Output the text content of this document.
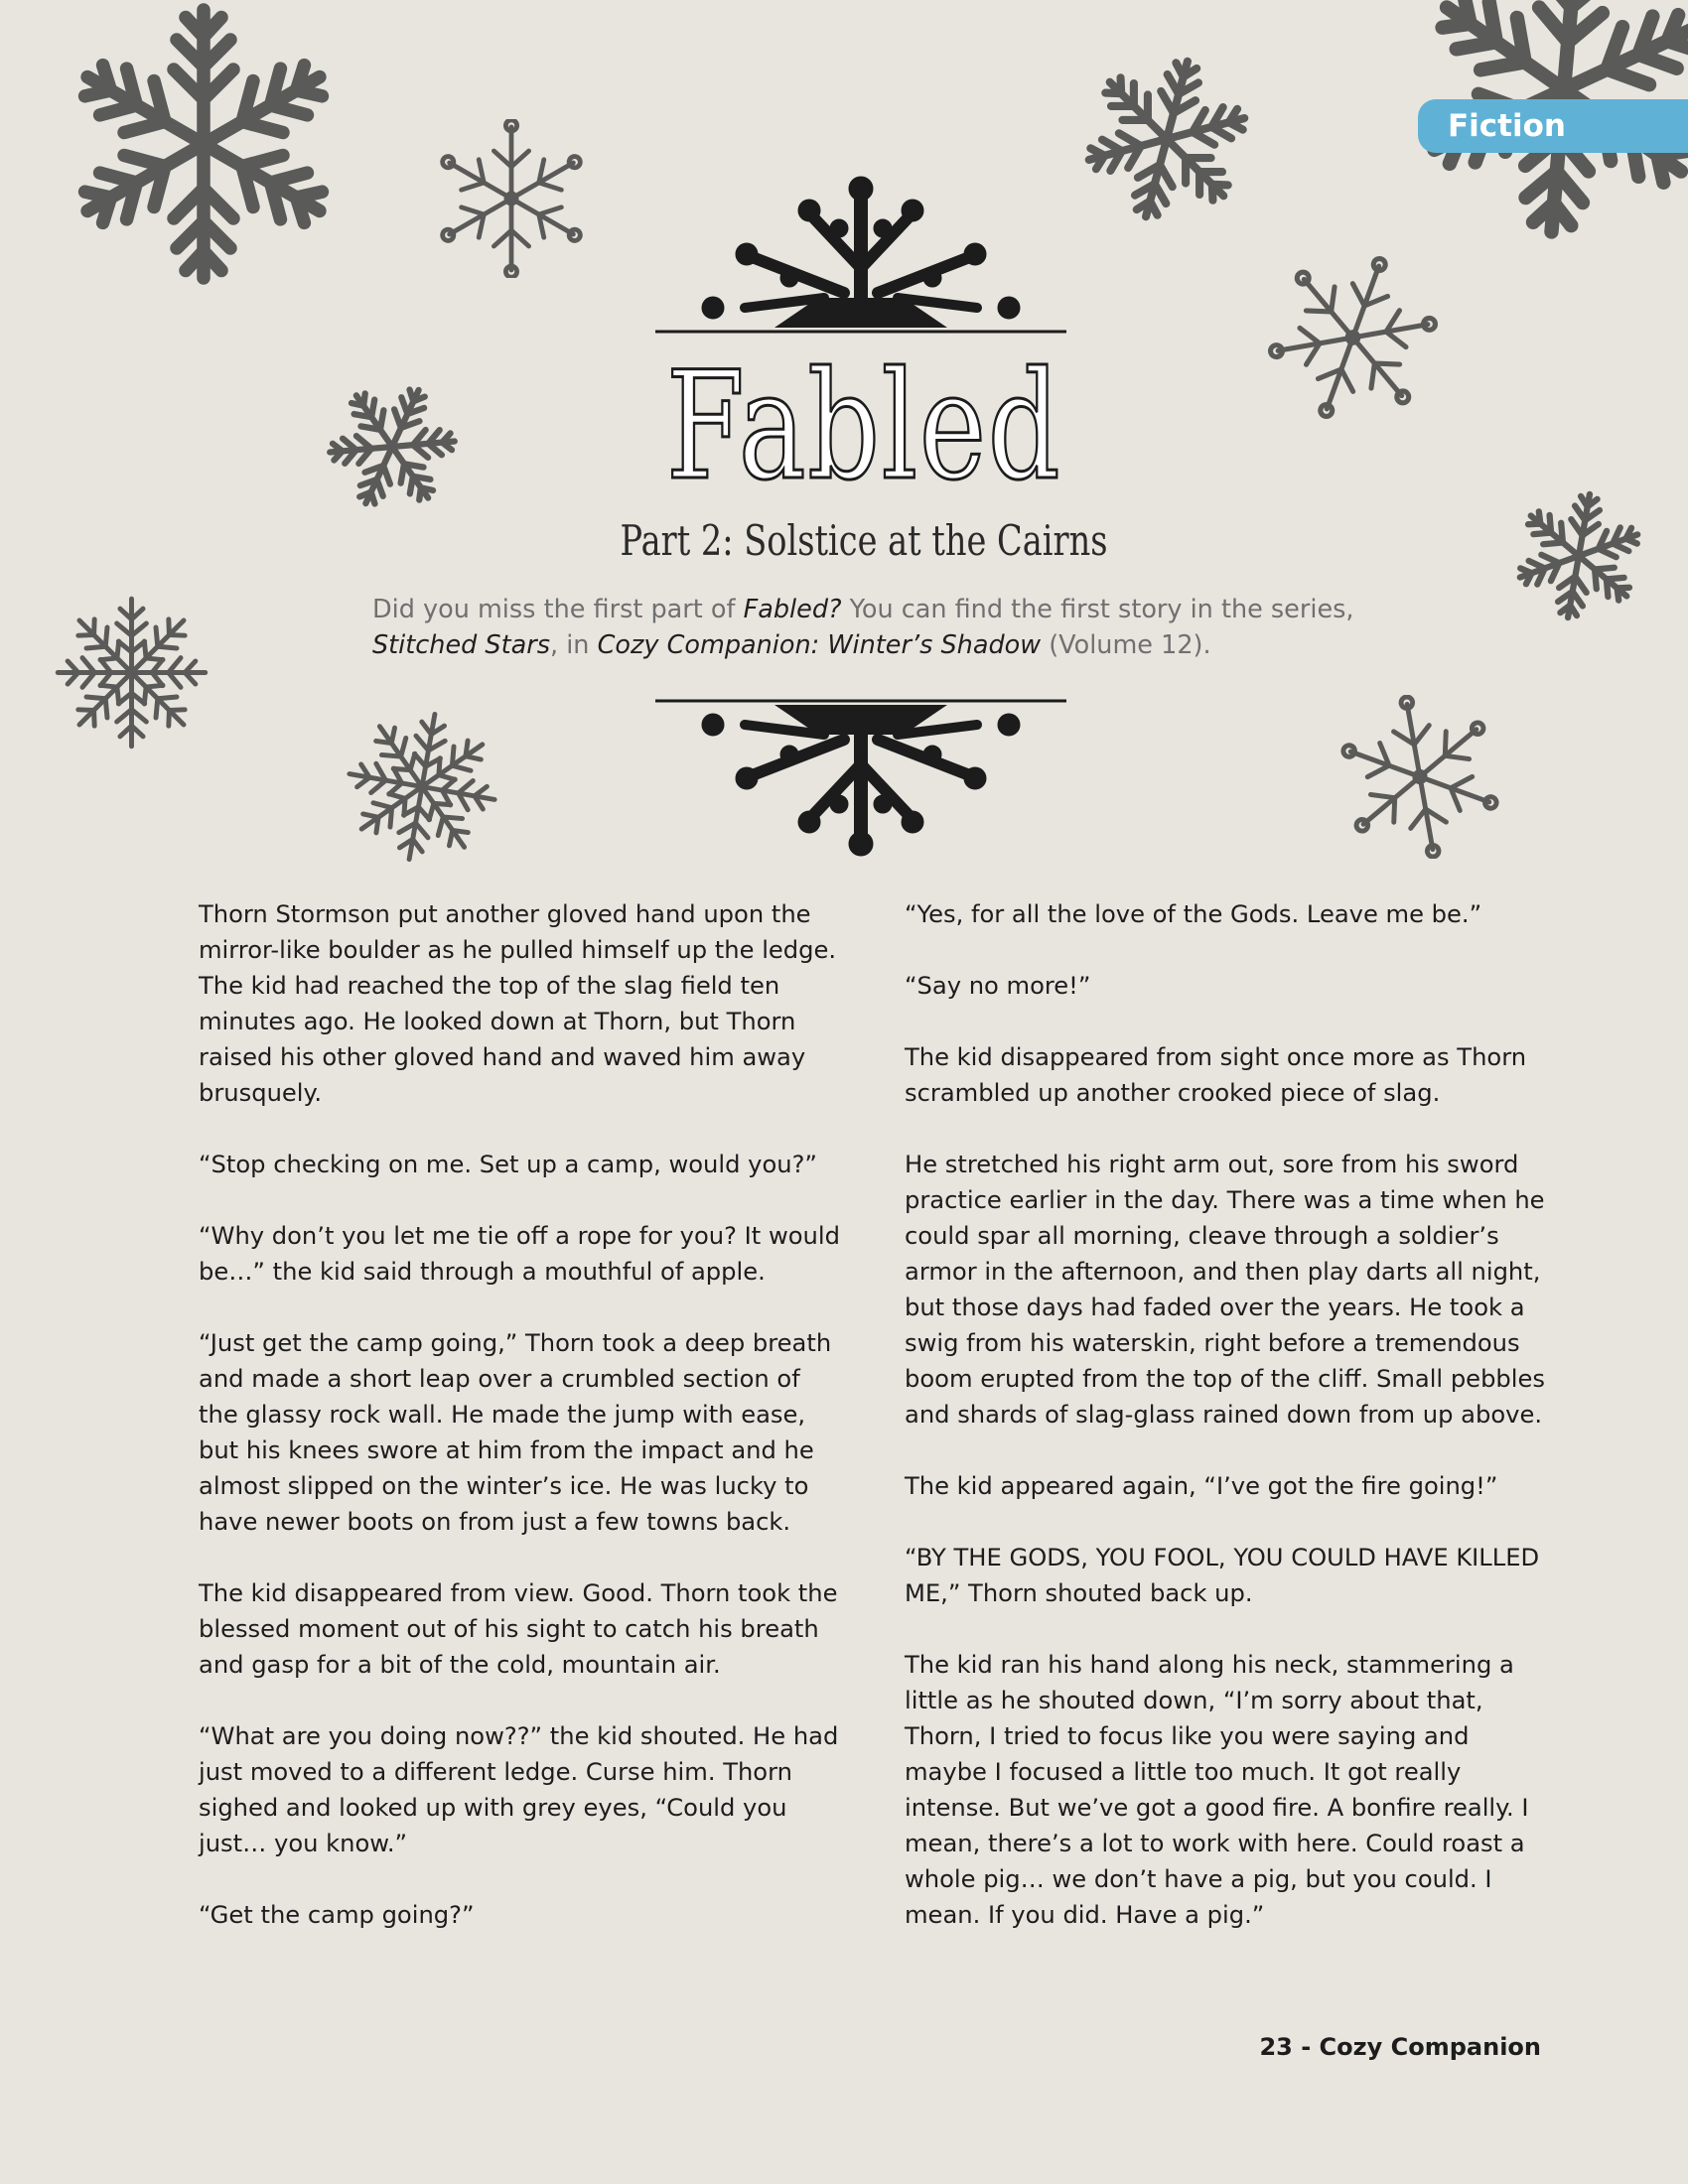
Fiction
Fabled
Part 2: Solstice at the Cairns

Did you miss the first part of Fabled? You can find the first story in the series, Stitched Stars, in Cozy Companion: Winter’s Shadow (Volume 12).

Thorn Stormson put another gloved hand upon the mirror-like boulder as he pulled himself up the ledge. The kid had reached the top of the slag field ten minutes ago. He looked down at Thorn, but Thorn raised his other gloved hand and waved him away brusquely.

“Stop checking on me. Set up a camp, would you?”

“Why don’t you let me tie off a rope for you? It would be…” the kid said through a mouthful of apple.

“Just get the camp going,” Thorn took a deep breath and made a short leap over a crumbled section of the glassy rock wall. He made the jump with ease, but his knees swore at him from the impact and he almost slipped on the winter’s ice. He was lucky to have newer boots on from just a few towns back.

The kid disappeared from view. Good. Thorn took the blessed moment out of his sight to catch his breath and gasp for a bit of the cold, mountain air.

“What are you doing now??” the kid shouted. He had just moved to a different ledge. Curse him. Thorn sighed and looked up with grey eyes, “Could you just… you know.”

“Get the camp going?”

“Yes, for all the love of the Gods. Leave me be.”

“Say no more!”

The kid disappeared from sight once more as Thorn scrambled up another crooked piece of slag.

He stretched his right arm out, sore from his sword practice earlier in the day. There was a time when he could spar all morning, cleave through a soldier’s armor in the afternoon, and then play darts all night, but those days had faded over the years. He took a swig from his waterskin, right before a tremendous boom erupted from the top of the cliff. Small pebbles and shards of slag-glass rained down from up above.

The kid appeared again, “I’ve got the fire going!”

“BY THE GODS, YOU FOOL, YOU COULD HAVE KILLED ME,” Thorn shouted back up.

The kid ran his hand along his neck, stammering a little as he shouted down, “I’m sorry about that, Thorn, I tried to focus like you were saying and maybe I focused a little too much. It got really intense. But we’ve got a good fire. A bonfire really. I mean, there’s a lot to work with here. Could roast a whole pig… we don’t have a pig, but you could. I mean. If you did. Have a pig.”

23 - Cozy Companion
